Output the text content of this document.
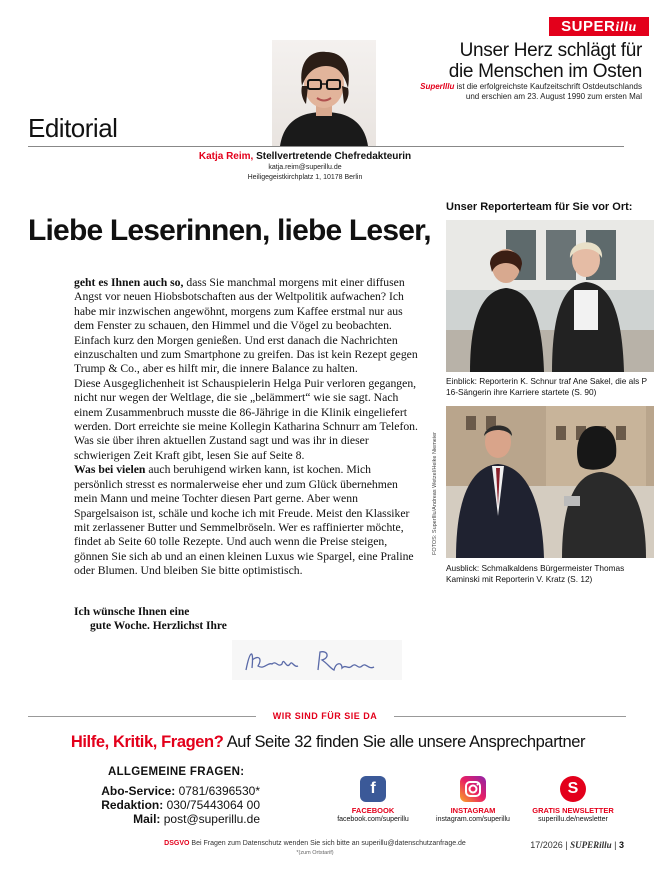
SUPERillu
Unser Herz schlägt für
die Menschen im Osten
SuperIllu ist die erfolgreichste Kaufzeitschrift Ostdeutschlands
und erschien am 23. August 1990 zum ersten Mal
Editorial
Katja Reim, Stellvertretende Chefredakteurin
katja.reim@superillu.de
Heiligegeistkirchplatz 1, 10178 Berlin
Liebe Leserinnen, liebe Leser,

geht es Ihnen auch so, dass Sie manchmal morgens mit einer diffusen Angst vor neuen Hiobsbotschaften aus der Weltpolitik aufwachen? Ich habe mir inzwischen angewöhnt, morgens zum Kaffee erstmal nur aus dem Fenster zu schauen, den Himmel und die Vögel zu beobachten. Einfach kurz den Morgen genießen. Und erst danach die Nachrichten einzuschalten und zum Smartphone zu greifen. Das ist kein Rezept gegen Trump & Co., aber es hilft mir, die innere Balance zu halten.

Diese Ausgeglichenheit ist Schauspielerin Helga Puir verloren gegangen, nicht nur wegen der Weltlage, die sie „belämmert“ wie sie sagt. Nach einem Zusammenbruch musste die 86-Jährige in die Klinik eingeliefert werden. Dort erreichte sie meine Kollegin Katharina Schnurr am Telefon. Was sie über ihren aktuellen Zustand sagt und was ihr in dieser schwierigen Zeit Kraft gibt, lesen Sie auf Seite 8.

Was bei vielen auch beruhigend wirken kann, ist kochen. Mich persönlich stresst es normalerweise eher und zum Glück übernehmen mein Mann und meine Tochter diesen Part gerne. Aber wenn Spargelsaison ist, schäle und koche ich mit Freude. Meist den Klassiker mit zerlassener Butter und Semmelbröseln. Wer es raffinierter möchte, findet ab Seite 60 tolle Rezepte. Und auch wenn die Preise steigen, gönnen Sie sich ab und an einen kleinen Luxus wie Spargel, eine Praline oder Blumen. Und bleiben Sie bitte optimistisch.

Ich wünsche Ihnen eine
gute Woche. Herzlichst Ihre
Unser Reporterteam für Sie vor Ort:
Einblick: Reporterin K. Schnur traf Ane Sakel, die als P 16-Sängerin ihre Karriere startete (S. 90)
Ausblick: Schmalkaldens Bürgermeister Thomas Kaminski mit Reporterin V. Kratz (S. 12)
FOTOS: SuperIllu/Andreas Wetzel/Heike Niemeier
WIR SIND FÜR SIE DA
Hilfe, Kritik, Fragen? Auf Seite 32 finden Sie alle unsere Ansprechpartner
ALLGEMEINE FRAGEN:
Abo-Service: 0781/6396530*
Redaktion: 030/75443064 00
Mail: post@superillu.de
f
FACEBOOK
facebook.com/superillu
INSTAGRAM
instagram.com/superillu
S
GRATIS NEWSLETTER
superillu.de/newsletter
DSGVO Bei Fragen zum Datenschutz wenden Sie sich bitte an superillu@datenschutzanfrage.de
*(zum Ortstarif)
17/2026 | SUPERillu | 3
